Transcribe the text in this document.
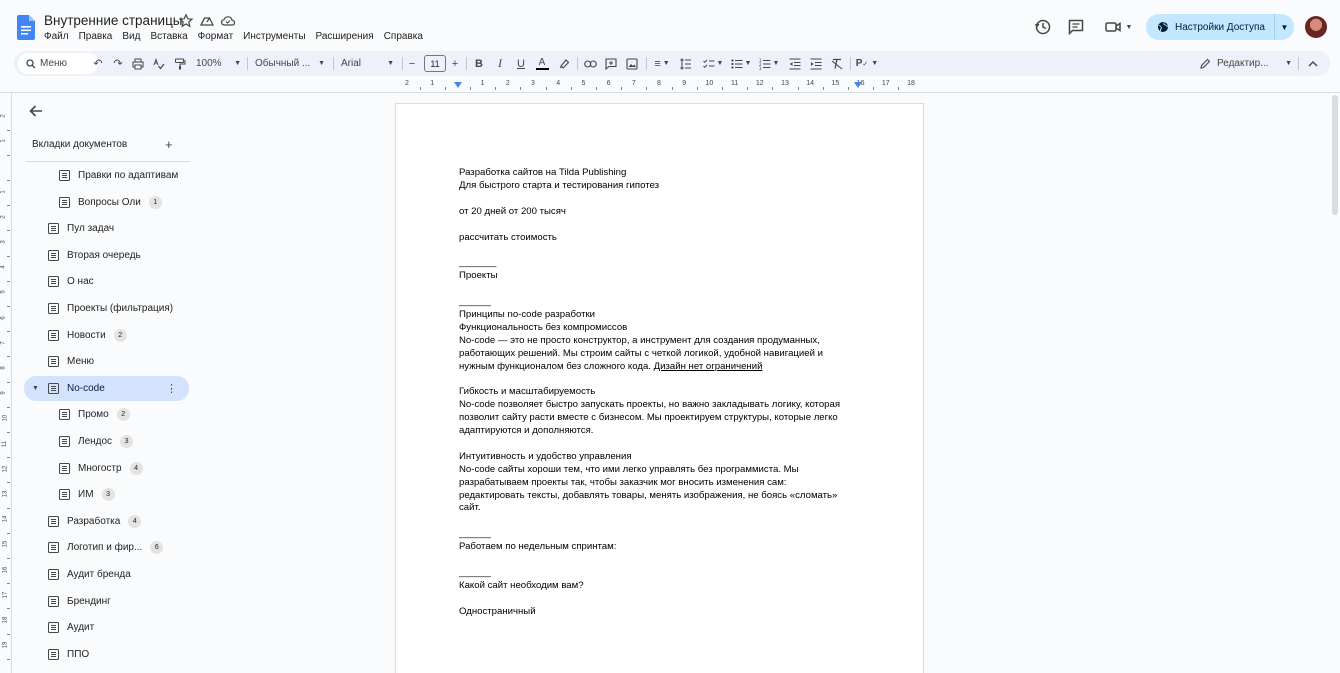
Внутренние страницы
Файл Правка Вид Вставка Формат Инструменты Расширения Справка
▼	Настройки Доступа	▼
Меню ↶ ↷	100% ▼ Обычный ... ▼ Arial	▼ −	11	+ B	I	U	A	≡ ▼	▼	▼ 1
2
3
▼	P ✓ ▼	Редактир... ▼
2	1	1	2	3	4	5	6	7	8	9	10	11	12 13 14 15 16 17 18
2
1
1
2
3
4
5
6
7
8
9
10
11
12
13
14
15
16
17
18
19
Вкладки документов	+
Правки по адаптивам
Вопросы Оли	1
Пул задач
Вторая очередь
О нас
Проекты (фильтрация)
Новости	2
Меню
▼	No-code	⋮
Промо	2
Лендос	3
Многостр	4
ИМ	3
Разработка	4
Логотип и фир...	6
Аудит бренда
Брендинг
Аудит
ППО

Разработка сайтов на Tilda Publishing

Для быстрого старта и тестирования гипотез

от 20 дней от 200 тысяч

рассчитать стоимость

_______

Проекты

______

Принципы no-code разработки

Функциональность без компромиссов

No-code — это не просто конструктор, а инструмент для создания продуманных,

работающих решений. Мы строим сайты с четкой логикой, удобной навигацией и

нужным функционалом без сложного кода. Дизайн нет ограничений

Гибкость и масштабируемость

No-code позволяет быстро запускать проекты, но важно закладывать логику, которая

позволит сайту расти вместе с бизнесом. Мы проектируем структуры, которые легко

адаптируются и дополняются.

Интуитивность и удобство управления

No-code сайты хороши тем, что ими легко управлять без программиста. Мы

разрабатываем проекты так, чтобы заказчик мог вносить изменения сам:

редактировать тексты, добавлять товары, менять изображения, не боясь «сломать»

сайт.

______

Работаем по недельным спринтам:

______

Какой сайт необходим вам?

Одностраничный
